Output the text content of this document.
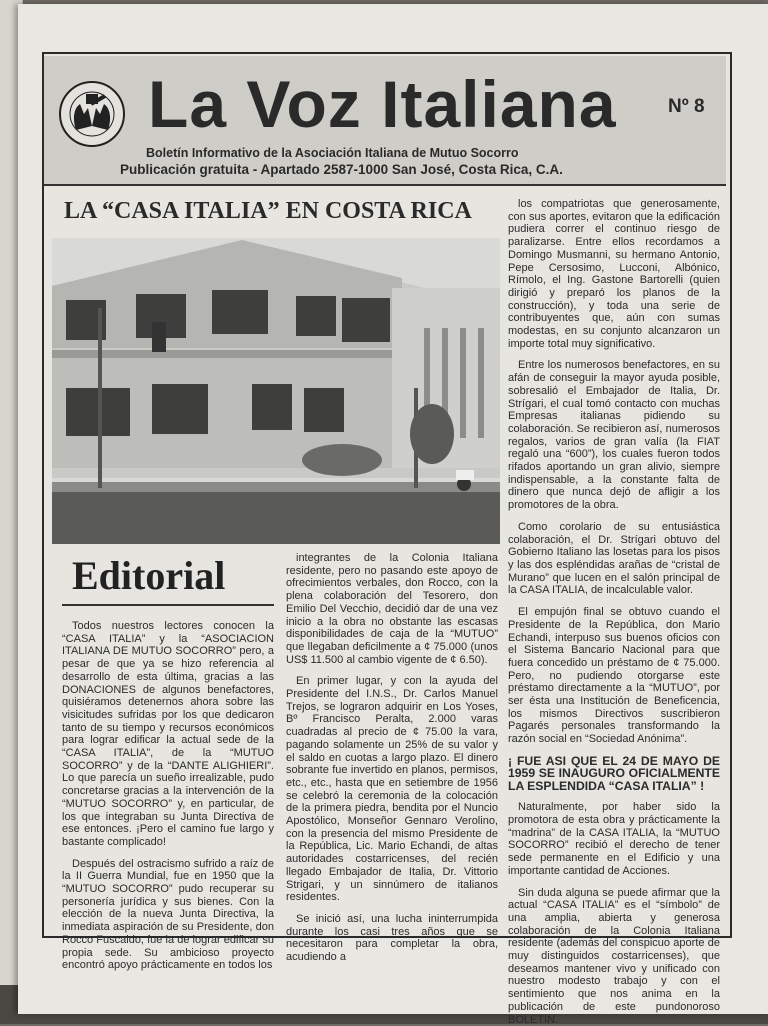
La Voz Italiana	Nº 8
Boletín Informativo de la Asociación Italiana de Mutuo Socorro
Publicación gratuita - Apartado 2587-1000 San José, Costa Rica, C.A.
LA “CASA ITALIA” EN COSTA RICA
Editorial

Todos nuestros lectores conocen la “CASA ITALIA” y la “ASOCIACION ITALIANA DE MUTUO SOCORRO” pero, a pesar de que ya se hizo referencia al desarrollo de esta última, gracias a las DONACIONES de algunos benefactores, quisiéramos detenernos ahora sobre las visicitudes sufridas por los que dedicaron tanto de su tiempo y recursos económicos para lograr edificar la actual sede de la “CASA ITALIA”, de la “MUTUO SOCORRO” y de la “DANTE ALIGHIERI”. Lo que parecía un sueño irrealizable, pudo concretarse gracias a la intervención de la “MUTUO SOCORRO” y, en particular, de los que integraban su Junta Directiva de ese entonces. ¡Pero el camino fue largo y bastante complicado!

Después del ostracismo sufrido a raíz de la II Guerra Mundial, fue en 1950 que la “MUTUO SOCORRO” pudo recuperar su personería jurídica y sus bienes. Con la elección de la nueva Junta Directiva, la inmediata aspiración de su Presidente, don Rocco Fuscaldo, fue la de lograr edificar su propia sede. Su ambicioso proyecto encontró apoyo prácticamente en todos los

integrantes de la Colonia Italiana residente, pero no pasando este apoyo de ofrecimientos verbales, don Rocco, con la plena colaboración del Tesorero, don Emilio Del Vecchio, decidió dar de una vez inicio a la obra no obstante las escasas disponibilidades de caja de la “MUTUO” que llegaban deficilmente a ¢ 75.000 (unos US$ 11.500 al cambio vigente de ¢ 6.50).

En primer lugar, y con la ayuda del Presidente del I.N.S., Dr. Carlos Manuel Trejos, se lograron adquirir en Los Yoses, Bº Francisco Peralta, 2.000 varas cuadradas al precio de ¢ 75.00 la vara, pagando solamente un 25% de su valor y el saldo en cuotas a largo plazo. El dinero sobrante fue invertido en planos, permisos, etc., etc., hasta que en setiembre de 1956 se celebró la ceremonia de la colocación de la primera piedra, bendita por el Nuncio Apostólico, Monseñor Gennaro Verolino, con la presencia del mismo Presidente de la República, Lic. Mario Echandi, de altas autoridades costarricenses, del recién llegado Embajador de Italia, Dr. Vittorio Strigari, y un sinnúmero de italianos residentes.

Se inició así, una lucha ininterrumpida durante los casi tres años que se necesitaron para completar la obra, acudiendo a

los compatriotas que generosamente, con sus aportes, evitaron que la edificación pudiera correr el continuo riesgo de paralizarse. Entre ellos recordamos a Domingo Musmanni, su hermano Antonio, Pepe Cersosimo, Lucconi, Albónico, Rímolo, el Ing. Gastone Bartorelli (quien dirigió y preparó los planos de la construcción), y toda una serie de contribuyentes que, aún con sumas modestas, en su conjunto alcanzaron un importe total muy significativo.

Entre los numerosos benefactores, en su afán de conseguir la mayor ayuda posible, sobresalió el Embajador de Italia, Dr. Strígari, el cual tomó contacto con muchas Empresas italianas pidiendo su colaboración. Se recibieron así, numerosos regalos, varios de gran valía (la FIAT regaló una “600”), los cuales fueron todos rifados aportando un gran alivio, siempre indispensable, a la constante falta de dinero que nunca dejó de afligir a los promotores de la obra.

Como corolario de su entusiástica colaboración, el Dr. Strígari obtuvo del Gobierno Italiano las losetas para los pisos y las dos espléndidas arañas de “cristal de Murano” que lucen en el salón principal de la CASA ITALIA, de incalculable valor.

El empujón final se obtuvo cuando el Presidente de la República, don Mario Echandi, interpuso sus buenos oficios con el Sistema Bancario Nacional para que fuera concedido un préstamo de ¢ 75.000. Pero, no pudiendo otorgarse este préstamo directamente a la “MUTUO”, por ser ésta una Institución de Beneficencia, los mismos Directivos suscribieron Pagarés personales transformando la razón social en “Sociedad Anónima”.

¡ FUE ASI QUE EL 24 DE MAYO DE 1959 SE INAUGURO OFICIALMENTE LA ESPLENDIDA “CASA ITALIA” !

Naturalmente, por haber sido la promotora de esta obra y prácticamente la “madrina” de la CASA ITALIA, la “MUTUO SOCORRO” recibió el derecho de tener sede permanente en el Edificio y una importante cantidad de Acciones.

Sin duda alguna se puede afirmar que la actual “CASA ITALIA” es el “símbolo” de una amplia, abierta y generosa colaboración de la Colonia Italiana residente (además del conspicuo aporte de muy distinguidos costarricenses), que deseamos mantener vivo y unificado con nuestro modesto trabajo y con el sentimiento que nos anima en la publicación de este pundonoroso BOLETIN.
